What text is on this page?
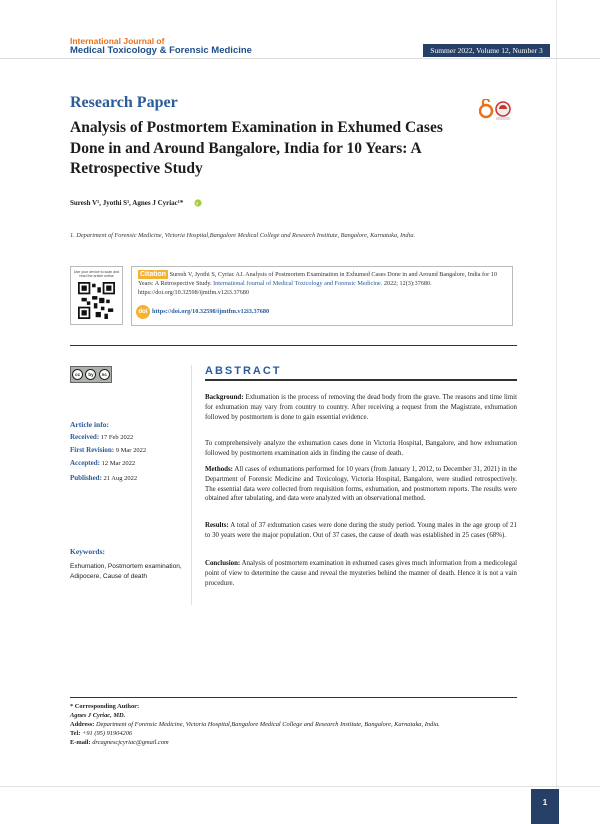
International Journal of
Medical Toxicology & Forensic Medicine	Summer 2022, Volume 12, Number 3
Research Paper
Analysis of Postmortem Examination in Exhumed Cases Done in and Around Bangalore, India for 10 Years: A Retrospective Study
Suresh V¹, Jyothi S¹, Agnes J Cyriac¹*
1. Department of Forensic Medicine, Victoria Hospital,Bangalore Medical College and Research Institute, Bangalore, Karnataka, India.
Use your device to scan and read the article online	Citation Suresh V, Jyothi S, Cyriac AJ. Analysis of Postmortem Examination in Exhumed Cases Done in and Around Bangalore, India for 10 Years: A Retrospective Study. International Journal of Medical Toxicology and Forensic Medicine. 2022; 12(3):37680. https://doi.org/10.32598/ijmtfm.v12i3.37680
doi https://doi.org/10.32598/ijmtfm.v12i3.37680
cc	by	nc
Article info:
Received: 17 Feb 2022
First Revision: 9 Mar 2022
Accepted: 12 Mar 2022
Published: 21 Aug 2022
Keywords:
Exhumation, Postmortem examination, Adipocere, Cause of death
ABSTRACT
Background: Exhumation is the process of removing the dead body from the grave. The reasons and time limit for exhumation may vary from country to country. After receiving a request from the Magistrate, exhumation followed by postmortem is done to gain essential evidence.
To comprehensively analyze the exhumation cases done in Victoria Hospital, Bangalore, and how exhumation followed by postmortem examination aids in finding the cause of death.
Methods: All cases of exhumations performed for 10 years (from January 1, 2012, to December 31, 2021) in the Department of Forensic Medicine and Toxicology, Victoria Hospital, Bangalore, were studied retrospectively. The essential data were collected from requisition forms, exhumation, and postmortem reports. The results were obtained after tabulating, and data were analyzed with an observational method.
Results: A total of 37 exhumation cases were done during the study period. Young males in the age group of 21 to 30 years were the major population. Out of 37 cases, the cause of death was established in 25 cases (68%).
Conclusion: Analysis of postmortem examination in exhumed cases gives much information from a medicolegal point of view to determine the cause and reveal the mysteries behind the manner of death. Hence it is not a vain procedure.
* Corresponding Author:
Agnes J Cyriac, MD.
Address: Department of Forensic Medicine, Victoria Hospital,Bangalore Medical College and Research Institute, Bangalore, Karnataka, India.
Tel: +91 (95) 91904206
E-mail: drcagnescjcyriac@gmail.com
1
